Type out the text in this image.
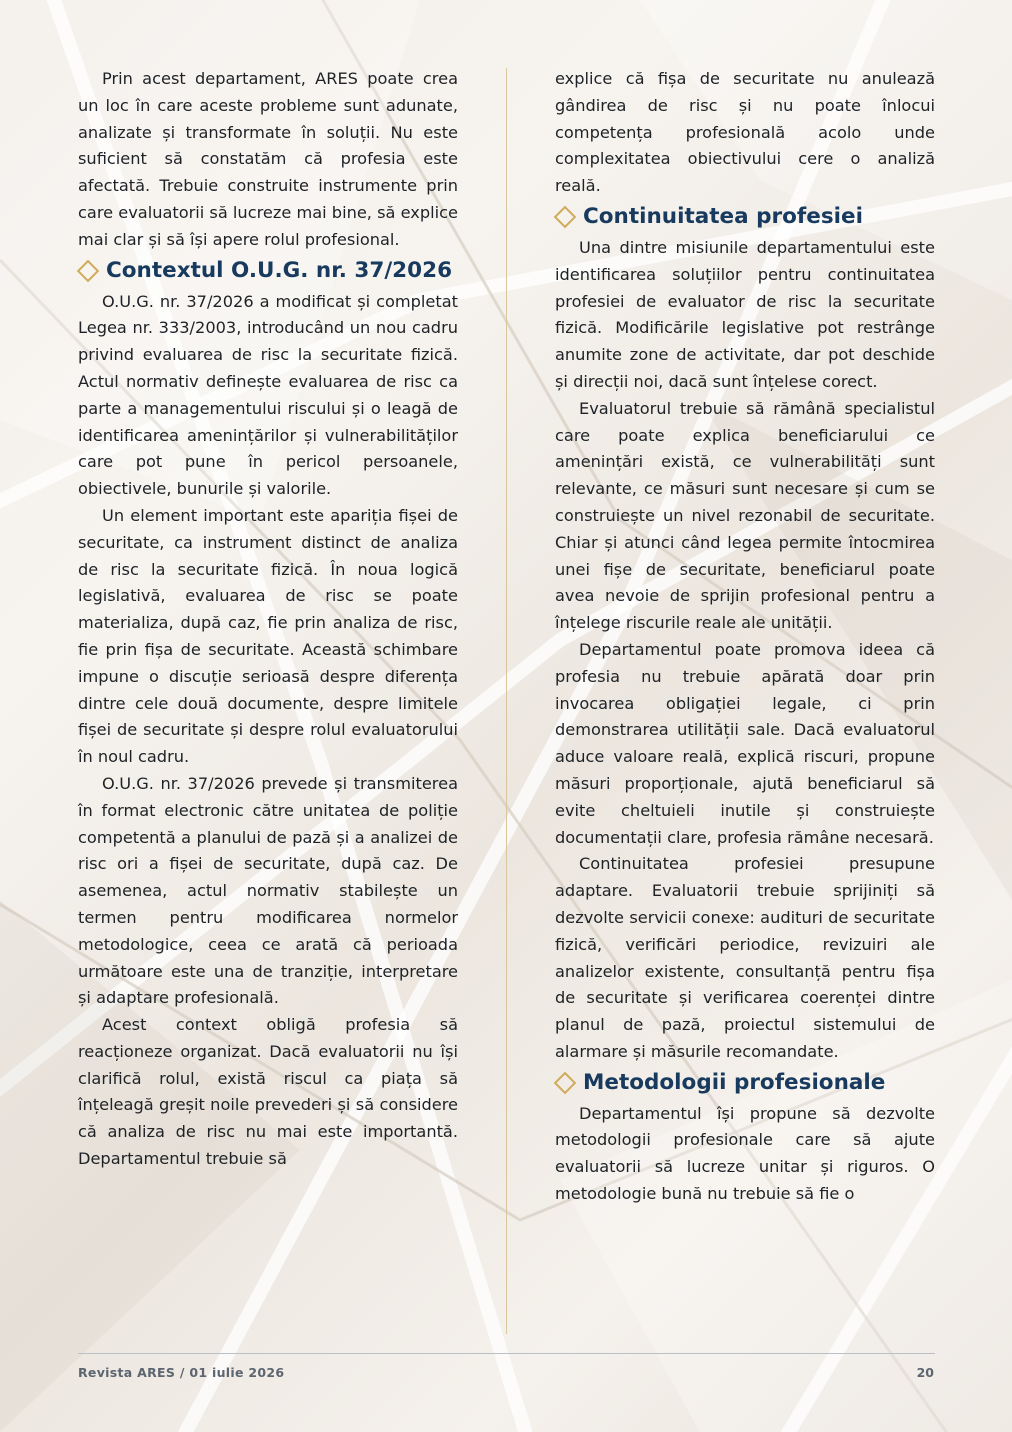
Prin acest departament, ARES poate crea un loc în care aceste probleme sunt adunate, analizate și transformate în soluții. Nu este suficient să constatăm că profesia este afectată. Trebuie construite instrumente prin care evaluatorii să lucreze mai bine, să explice mai clar și să își apere rolul profesional.

Contextul O.U.G. nr. 37/2026

O.U.G. nr. 37/2026 a modificat și completat Legea nr. 333/2003, introducând un nou cadru privind evaluarea de risc la securitate fizică. Actul normativ definește evaluarea de risc ca parte a managementului riscului și o leagă de identificarea amenințărilor și vulnerabilităților care pot pune în pericol persoanele, obiectivele, bunurile și valorile.

Un element important este apariția fișei de securitate, ca instrument distinct de analiza de risc la securitate fizică. În noua logică legislativă, evaluarea de risc se poate materializa, după caz, fie prin analiza de risc, fie prin fișa de securitate. Această schimbare impune o discuție serioasă despre diferența dintre cele două documente, despre limitele fișei de securitate și despre rolul evaluatorului în noul cadru.

O.U.G. nr. 37/2026 prevede și transmiterea în format electronic către unitatea de poliție competentă a planului de pază și a analizei de risc ori a fișei de securitate, după caz. De asemenea, actul normativ stabilește un termen pentru modificarea normelor metodologice, ceea ce arată că perioada următoare este una de tranziție, interpretare și adaptare profesională.

Acest context obligă profesia să reacționeze organizat. Dacă evaluatorii nu își clarifică rolul, există riscul ca piața să înțeleagă greșit noile prevederi și să considere că analiza de risc nu mai este importantă. Departamentul trebuie să

explice că fișa de securitate nu anulează gândirea de risc și nu poate înlocui competența profesională acolo unde complexitatea obiectivului cere o analiză reală.

Continuitatea profesiei

Una dintre misiunile departamentului este identificarea soluțiilor pentru continuitatea profesiei de evaluator de risc la securitate fizică. Modificările legislative pot restrânge anumite zone de activitate, dar pot deschide și direcții noi, dacă sunt înțelese corect.

Evaluatorul trebuie să rămână specialistul care poate explica beneficiarului ce amenințări există, ce vulnerabilități sunt relevante, ce măsuri sunt necesare și cum se construiește un nivel rezonabil de securitate. Chiar și atunci când legea permite întocmirea unei fișe de securitate, beneficiarul poate avea nevoie de sprijin profesional pentru a înțelege riscurile reale ale unității.

Departamentul poate promova ideea că profesia nu trebuie apărată doar prin invocarea obligației legale, ci prin demonstrarea utilității sale. Dacă evaluatorul aduce valoare reală, explică riscuri, propune măsuri proporționale, ajută beneficiarul să evite cheltuieli inutile și construiește documentații clare, profesia rămâne necesară.

Continuitatea profesiei presupune adaptare. Evaluatorii trebuie sprijiniți să dezvolte servicii conexe: audituri de securitate fizică, verificări periodice, revizuiri ale analizelor existente, consultanță pentru fișa de securitate și verificarea coerenței dintre planul de pază, proiectul sistemului de alarmare și măsurile recomandate.

Metodologii profesionale

Departamentul își propune să dezvolte metodologii profesionale care să ajute evaluatorii să lucreze unitar și riguros. O metodologie bună nu trebuie să fie o

Revista ARES / 01 iulie 2026	20
